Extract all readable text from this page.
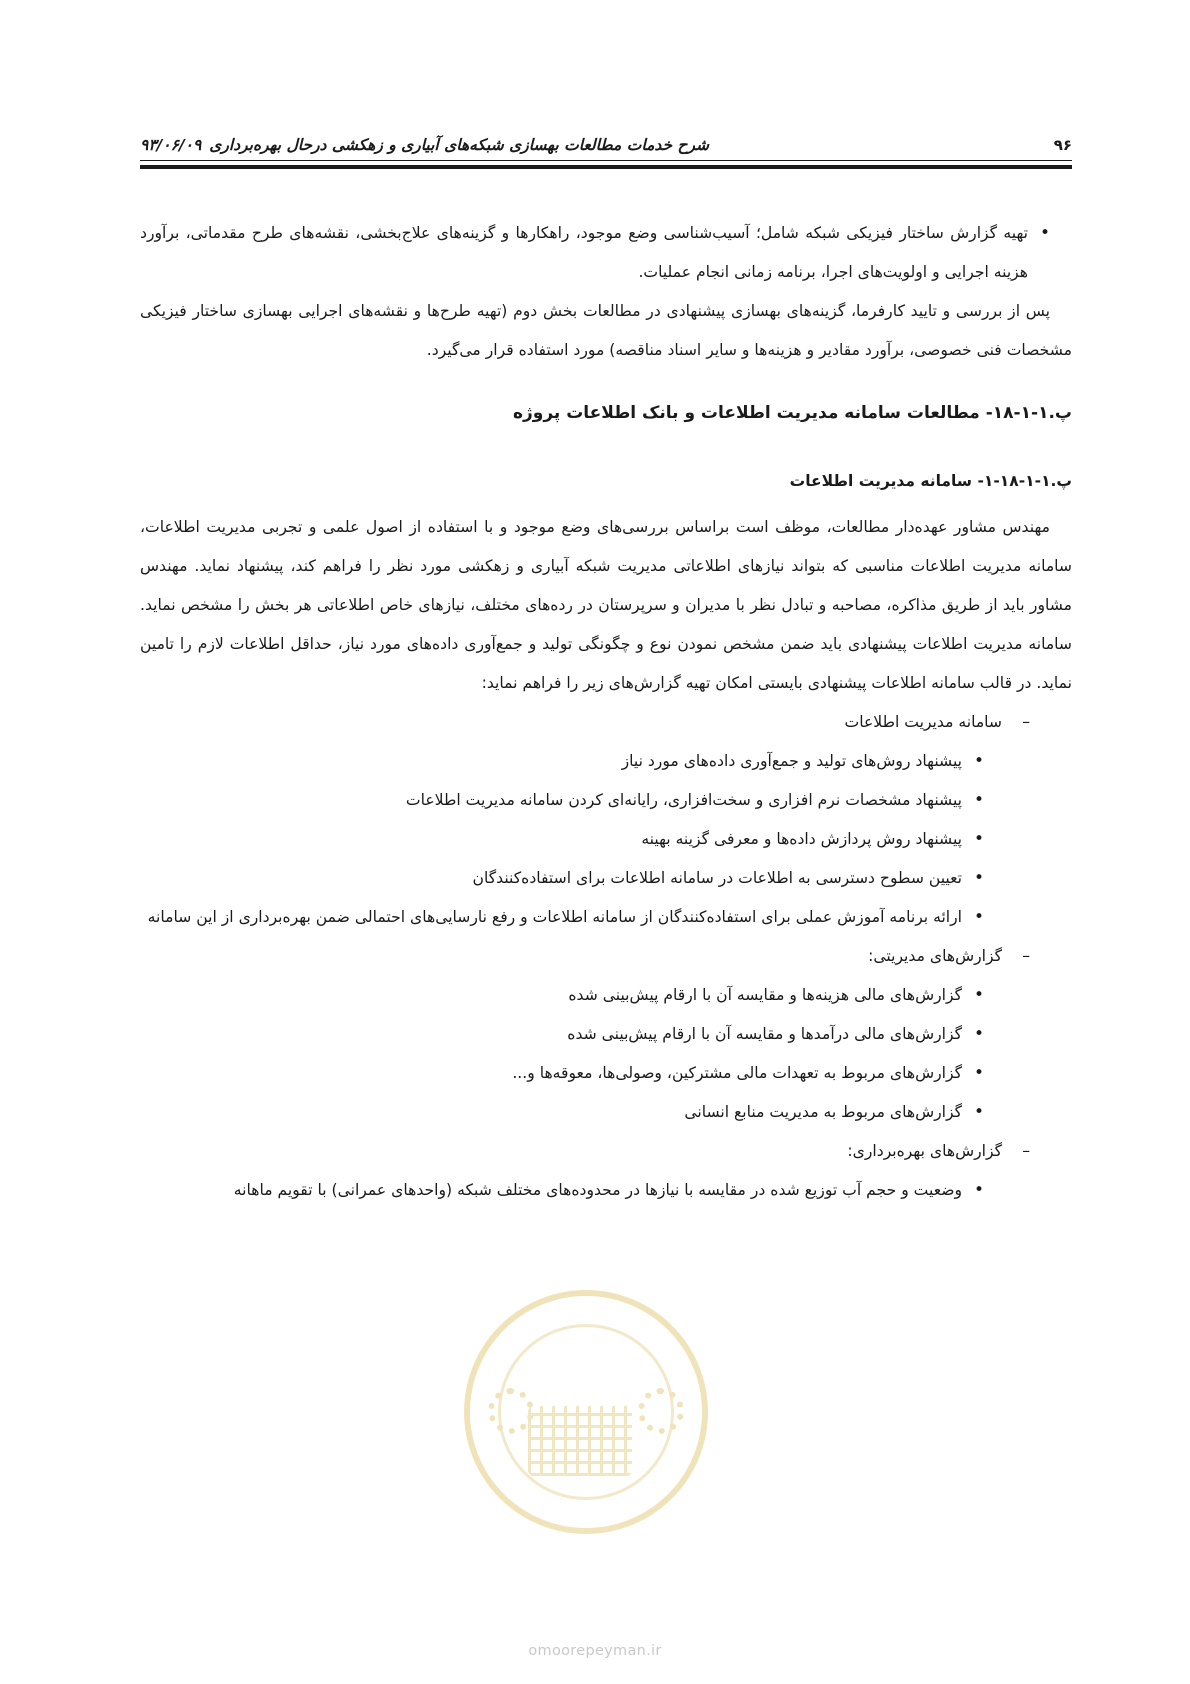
۹۶
شرح خدمات مطالعات بهسازی شبکه‌های آبیاری و زهکشی درحال بهره‌برداری
۹۳/۰۶/۰۹

• تهیه گزارش ساختار فیزیکی شبکه شامل؛ آسیب‌شناسی وضع موجود، راهکارها و گزینه‌های علاج‌بخشی، نقشه‌های طرح مقدماتی، برآورد هزینه اجرایی و اولویت‌های اجرا، برنامه زمانی انجام عملیات.

پس از بررسی و تایید کارفرما، گزینه‌های بهسازی پیشنهادی در مطالعات بخش دوم (تهیه طرح‌ها و نقشه‌های اجرایی بهسازی ساختار فیزیکی مشخصات فنی خصوصی، برآورد مقادیر و هزینه‌ها و سایر اسناد مناقصه) مورد استفاده قرار می‌گیرد.

پ.۱-۱-۱۸- مطالعات سامانه مدیریت اطلاعات و بانک اطلاعات پروژه

پ.۱-۱-۱۸-۱- سامانه مدیریت اطلاعات

مهندس مشاور عهده‌دار مطالعات، موظف است براساس بررسی‌های وضع موجود و با استفاده از اصول علمی و تجربی مدیریت اطلاعات، سامانه مدیریت اطلاعات مناسبی که بتواند نیازهای اطلاعاتی مدیریت شبکه آبیاری و زهکشی مورد نظر را فراهم کند، پیشنهاد نماید. مهندس مشاور باید از طریق مذاکره، مصاحبه و تبادل نظر با مدیران و سرپرستان در رده‌های مختلف، نیازهای خاص اطلاعاتی هر بخش را مشخص نماید. سامانه مدیریت اطلاعات پیشنهادی باید ضمن مشخص نمودن نوع و چگونگی تولید و جمع‌آوری داده‌های مورد نیاز، حداقل اطلاعات لازم را تامین نماید. در قالب سامانه اطلاعات پیشنهادی بایستی امکان تهیه گزارش‌های زیر را فراهم نماید:

– سامانه مدیریت اطلاعات

• پیشنهاد روش‌های تولید و جمع‌آوری داده‌های مورد نیاز

• پیشنهاد مشخصات نرم افزاری و سخت‌افزاری، رایانه‌ای کردن سامانه مدیریت اطلاعات

• پیشنهاد روش پردازش داده‌ها و معرفی گزینه بهینه

• تعیین سطوح دسترسی به اطلاعات در سامانه اطلاعات برای استفاده‌کنندگان

• ارائه برنامه آموزش عملی برای استفاده‌کنندگان از سامانه اطلاعات و رفع نارسایی‌های احتمالی ضمن بهره‌برداری از این سامانه

– گزارش‌های مدیریتی:

• گزارش‌های مالی هزینه‌ها و مقایسه آن با ارقام پیش‌بینی شده

• گزارش‌های مالی درآمدها و مقایسه آن با ارقام پیش‌بینی شده

• گزارش‌های مربوط به تعهدات مالی مشترکین، وصولی‌ها، معوقه‌ها و...

• گزارش‌های مربوط به مدیریت منابع انسانی

– گزارش‌های بهره‌برداری:

• وضعیت و حجم آب توزیع شده در مقایسه با نیازها در محدوده‌های مختلف شبکه (واحدهای عمرانی) با تقویم ماهانه

omoorepeyman.ir
